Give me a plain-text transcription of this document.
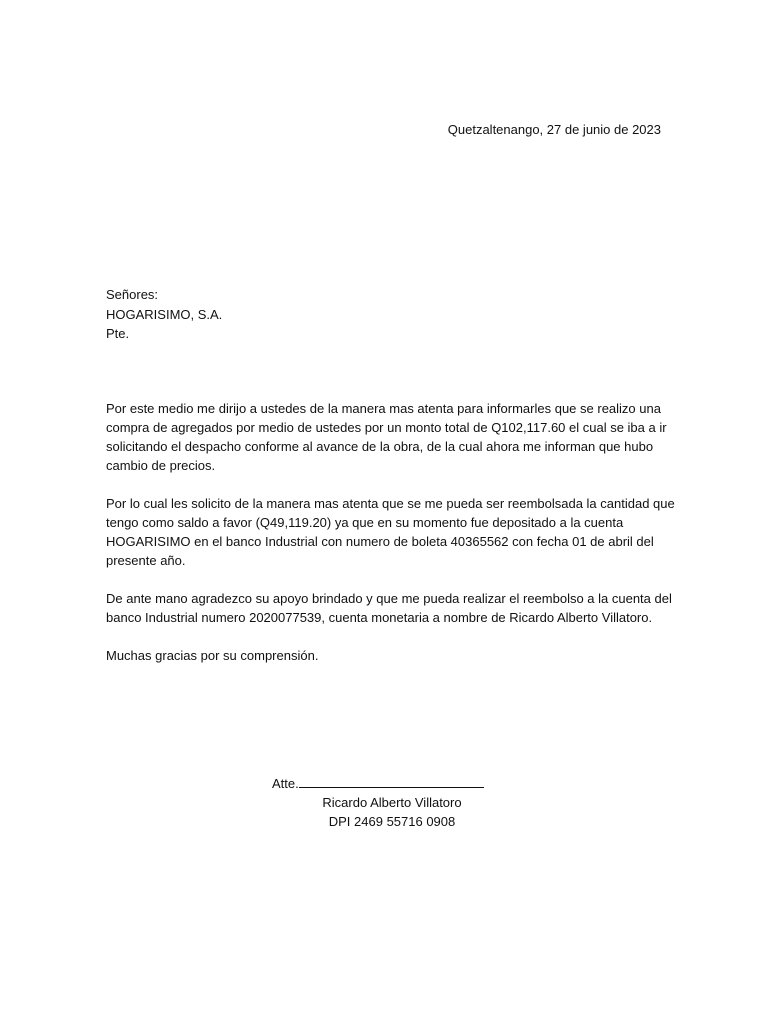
Quetzaltenango, 27 de junio de 2023
Señores:
HOGARISIMO, S.A.
Pte.
Por este medio me dirijo a ustedes de la manera mas atenta para informarles que se realizo una
compra de agregados por medio de ustedes por un monto total de Q102,117.60 el cual se iba a ir
solicitando el despacho conforme al avance de la obra, de la cual ahora me informan que hubo
cambio de precios.
Por lo cual les solicito de la manera mas atenta que se me pueda ser reembolsada la cantidad que
tengo como saldo a favor (Q49,119.20) ya que en su momento fue depositado a la cuenta
HOGARISIMO en el banco Industrial con numero de boleta 40365562 con fecha 01 de abril del
presente año.
De ante mano agradezco su apoyo brindado y que me pueda realizar el reembolso a la cuenta del
banco Industrial numero 2020077539, cuenta monetaria a nombre de Ricardo Alberto Villatoro.
Muchas gracias por su comprensión.
Atte.
Ricardo Alberto Villatoro
DPI 2469 55716 0908
